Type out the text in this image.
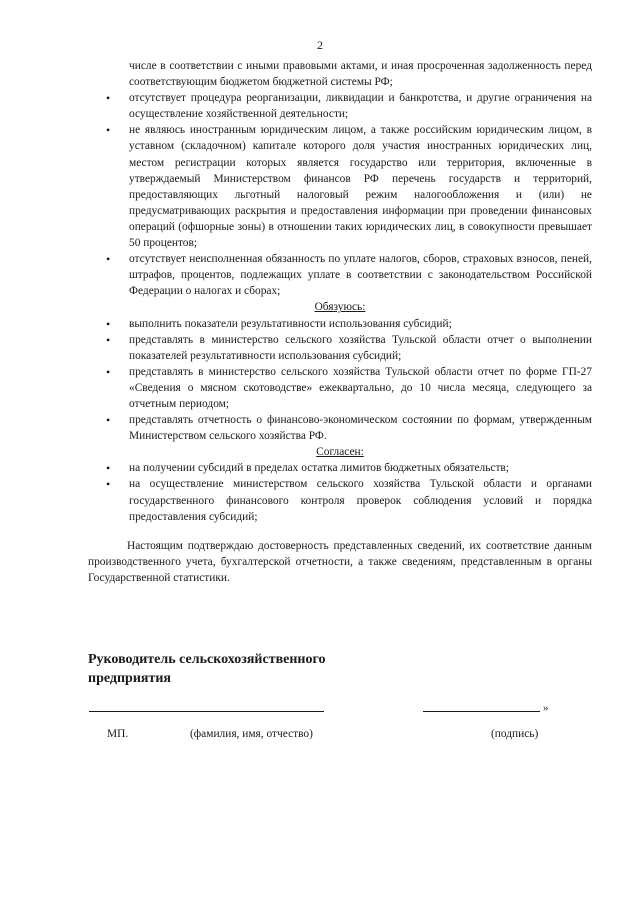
2

числе в соответствии с иными правовыми актами, и иная просроченная задолженность перед соответствующим бюджетом бюджетной системы РФ;

• отсутствует процедура реорганизации, ликвидации и банкротства, и другие ограничения на осуществление хозяйственной деятельности;
• не являюсь иностранным юридическим лицом, а также российским юридическим лицом, в уставном (складочном) капитале которого доля участия иностранных юридических лиц, местом регистрации которых является государство или территория, включенные в утверждаемый Министерством финансов РФ перечень государств и территорий, предоставляющих льготный налоговый режим налогообложения и (или) не предусматривающих раскрытия и предоставления информации при проведении финансовых операций (офшорные зоны) в отношении таких юридических лиц, в совокупности превышает 50 процентов;
• отсутствует неисполненная обязанность по уплате налогов, сборов, страховых взносов, пеней, штрафов, процентов, подлежащих уплате в соответствии с законодательством Российской Федерации о налогах и сборах;
Обязуюсь:
• выполнить показатели результативности использования субсидий;
• представлять в министерство сельского хозяйства Тульской области отчет о выполнении показателей результативности использования субсидий;
• представлять в министерство сельского хозяйства Тульской области отчет по форме ГП-27 «Сведения о мясном скотоводстве» ежеквартально, до 10 числа месяца, следующего за отчетным периодом;
• представлять отчетность о финансово-экономическом состоянии по формам, утвержденным Министерством сельского хозяйства РФ.
Согласен:
• на получении субсидий в пределах остатка лимитов бюджетных обязательств;
• на осуществление министерством сельского хозяйства Тульской области и органами государственного финансового контроля проверок соблюдения условий и порядка предоставления субсидий;

Настоящим подтверждаю достоверность представленных сведений, их соответствие данным производственного учета, бухгалтерской отчетности, а также сведениям, представленным в органы Государственной статистики.

Руководитель сельскохозяйственного
предприятия
»
МП.	(фамилия, имя, отчество)	(подпись)
